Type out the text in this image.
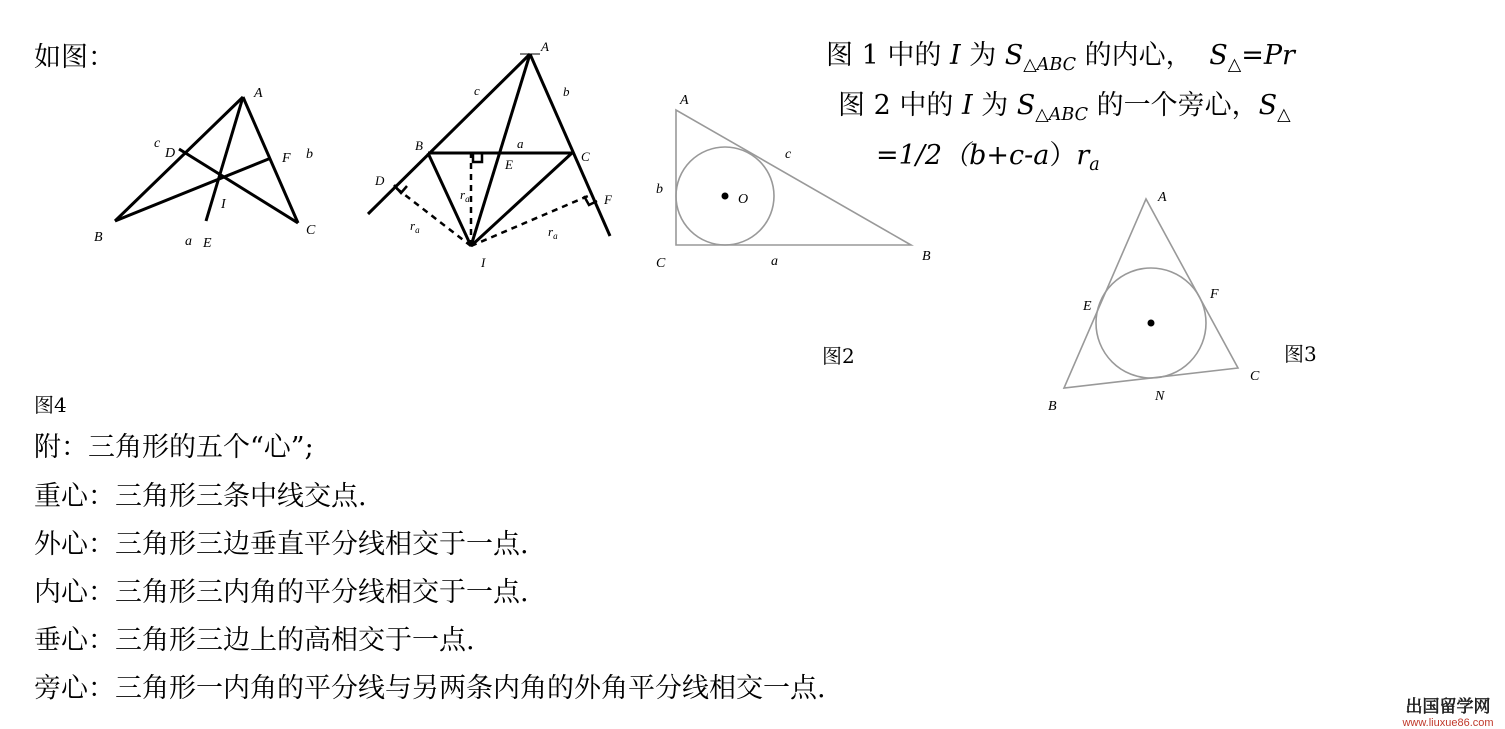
如图：	图 1 中的 I 为 $S_{\triangle ABC}$ 的内心， $S_\triangle=Pr$
图 2 中的 I 为 $S_{\triangle ABC}$ 的一个旁心，$S_\triangle$
$=1/2(b+c-a)r_a$
A
B	C
D	F
I
E
a
b
c
A
B
C
D
E
F
I
a
b
c
$r_a$
$r_a$	$r_a$
A
B
C
O
a
b
c
图2
A
B
C
E
F
N
图3
图4
附：三角形的五个“心”;
重心：三角形三条中线交点.
外心：三角形三边垂直平分线相交于一点.
内心：三角形三内角的平分线相交于一点.
垂心：三角形三边上的高相交于一点.
旁心：三角形一内角的平分线与另两条内角的外角平分线相交一点.
出国留学网
www.liuxue86.com
